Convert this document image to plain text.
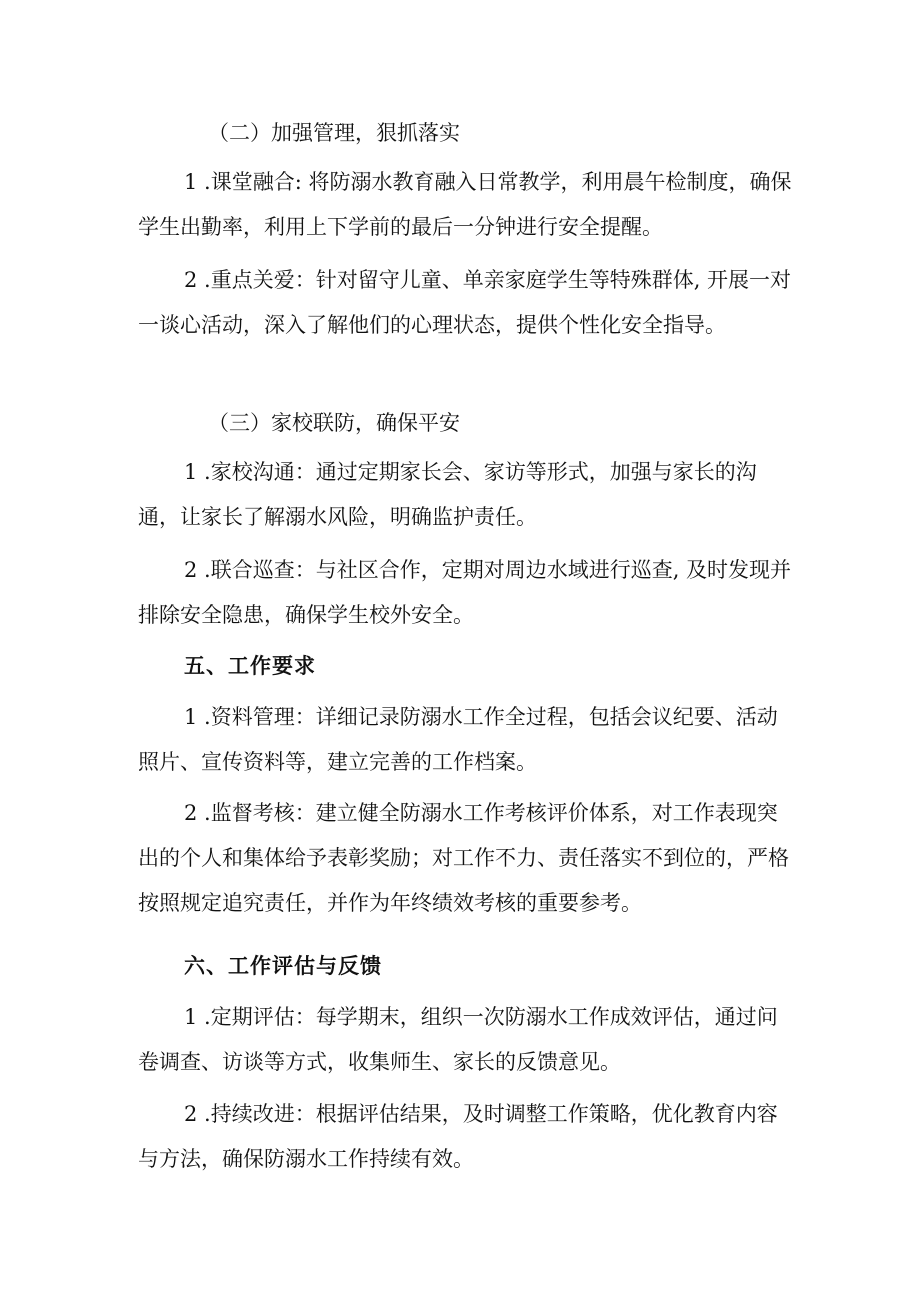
（二）加强管理，狠抓落实

1 .课堂融合: 将防溺水教育融入日常教学，利用晨午检制度，确保学生出勤率，利用上下学前的最后一分钟进行安全提醒。

2 .重点关爱：针对留守儿童、单亲家庭学生等特殊群体, 开展一对一谈心活动，深入了解他们的心理状态，提供个性化安全指导。

（三）家校联防，确保平安

1 .家校沟通：通过定期家长会、家访等形式，加强与家长的沟通，让家长了解溺水风险，明确监护责任。

2 .联合巡查：与社区合作，定期对周边水域进行巡查, 及时发现并排除安全隐患，确保学生校外安全。

五、工作要求

1 .资料管理：详细记录防溺水工作全过程，包括会议纪要、活动照片、宣传资料等，建立完善的工作档案。

2 .监督考核：建立健全防溺水工作考核评价体系，对工作表现突出的个人和集体给予表彰奖励；对工作不力、责任落实不到位的，严格按照规定追究责任，并作为年终绩效考核的重要参考。

六、工作评估与反馈

1 .定期评估：每学期末，组织一次防溺水工作成效评估，通过问卷调查、访谈等方式，收集师生、家长的反馈意见。

2 .持续改进：根据评估结果，及时调整工作策略，优化教育内容与方法，确保防溺水工作持续有效。
